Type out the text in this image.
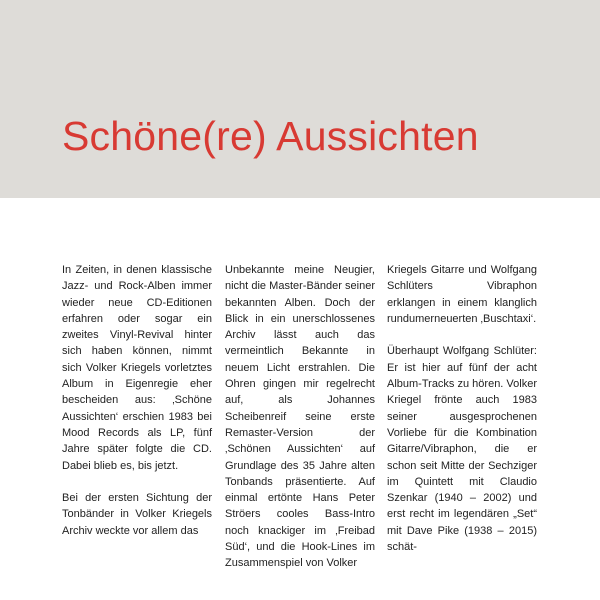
Schöne(re) Aussichten

In Zeiten, in denen klassische Jazz- und Rock-Alben immer wieder neue CD-Editionen erfahren oder sogar ein zweites Vinyl-Revival hinter sich haben können, nimmt sich Volker Kriegels vorletztes Album in Eigenregie eher bescheiden aus: ‚Schöne Aussichten‘ erschien 1983 bei Mood Records als LP, fünf Jahre später folgte die CD. Dabei blieb es, bis jetzt.

Bei der ersten Sichtung der Tonbänder in Volker Kriegels Archiv weckte vor allem das

Unbekannte meine Neugier, nicht die Master-Bänder seiner bekannten Alben. Doch der Blick in ein unerschlossenes Archiv lässt auch das vermeintlich Bekannte in neuem Licht erstrahlen. Die Ohren gingen mir regelrecht auf, als Johannes Scheibenreif seine erste Remaster-Version der ‚Schönen Aussichten‘ auf Grundlage des 35 Jahre alten Tonbands präsentierte. Auf einmal ertönte Hans Peter Ströers cooles Bass-Intro noch knackiger im ‚Freibad Süd‘, und die Hook-Lines im Zusammenspiel von Volker

Kriegels Gitarre und Wolfgang Schlüters Vibraphon erklangen in einem klanglich rundumerneuerten ‚Buschtaxi‘.

Überhaupt Wolfgang Schlüter: Er ist hier auf fünf der acht Album-Tracks zu hören. Volker Kriegel frönte auch 1983 seiner ausgesprochenen Vorliebe für die Kombination Gitarre/Vibraphon, die er schon seit Mitte der Sechziger im Quintett mit Claudio Szenkar (1940 – 2002) und erst recht im legendären „Set“ mit Dave Pike (1938 – 2015) schät-
